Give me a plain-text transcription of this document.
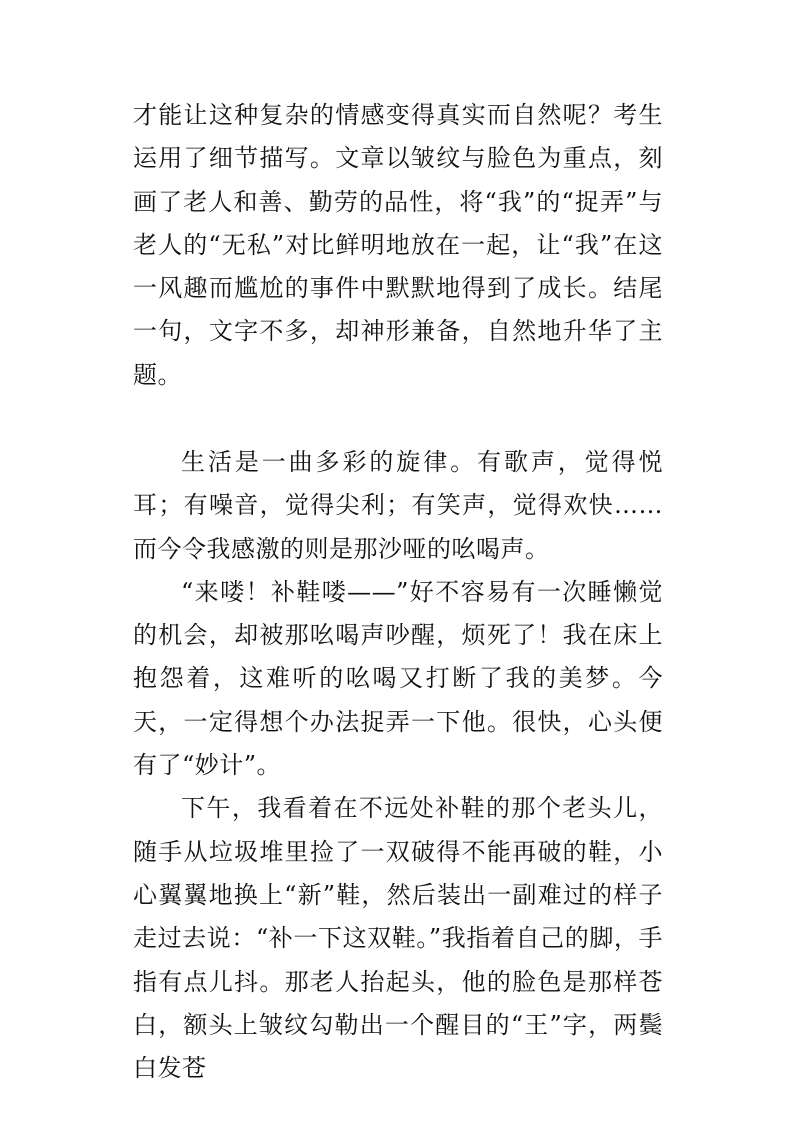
才能让这种复杂的情感变得真实而自然呢？考生运用了细节描写。文章以皱纹与脸色为重点，刻画了老人和善、勤劳的品性，将“我”的“捉弄”与老人的“无私”对比鲜明地放在一起，让“我”在这一风趣而尴尬的事件中默默地得到了成长。结尾一句，文字不多，却神形兼备，自然地升华了主题。

生活是一曲多彩的旋律。有歌声，觉得悦耳；有噪音，觉得尖利；有笑声，觉得欢快……而今令我感激的则是那沙哑的吆喝声。

“来喽！补鞋喽——”好不容易有一次睡懒觉的机会，却被那吆喝声吵醒，烦死了！我在床上抱怨着，这难听的吆喝又打断了我的美梦。今天，一定得想个办法捉弄一下他。很快，心头便有了“妙计”。

下午，我看着在不远处补鞋的那个老头儿，随手从垃圾堆里捡了一双破得不能再破的鞋，小心翼翼地换上“新”鞋，然后装出一副难过的样子走过去说：“补一下这双鞋。”我指着自己的脚，手指有点儿抖。那老人抬起头，他的脸色是那样苍白，额头上皱纹勾勒出一个醒目的“王”字，两鬓白发苍
